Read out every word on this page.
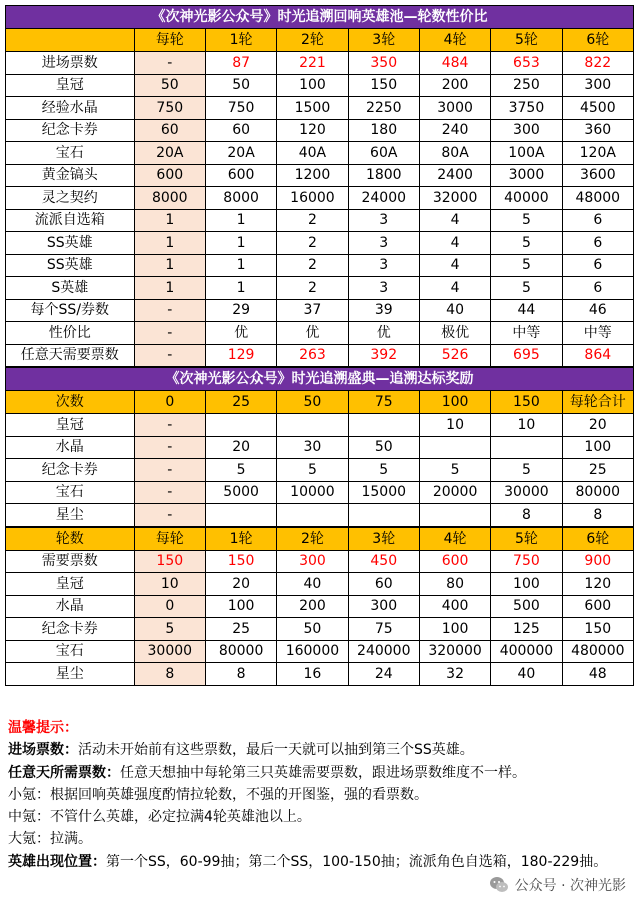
《次神光影公众号》时光追溯回响英雄池—轮数性价比							
	每轮	1轮	2轮	3轮	4轮	5轮	6轮
进场票数	-	87	221	350	484	653	822
皇冠	50	50	100	150	200	250	300
经验水晶	750	750	1500	2250	3000	3750	4500
纪念卡券	60	60	120	180	240	300	360
宝石	20A	20A	40A	60A	80A	100A	120A
黄金镐头	600	600	1200	1800	2400	3000	3600
灵之契约	8000	8000	16000	24000	32000	40000	48000
流派自选箱	1	1	2	3	4	5	6
SS英雄	1	1	2	3	4	5	6
SS英雄	1	1	2	3	4	5	6
S英雄	1	1	2	3	4	5	6
每个SS/券数	-	29	37	39	40	44	46
性价比	-	优	优	优	极优	中等	中等
任意天需要票数	-	129	263	392	526	695	864
《次神光影公众号》时光追溯盛典—追溯达标奖励							
次数	0	25	50	75	100	150	每轮合计
皇冠	-				10	10	20
水晶	-	20	30	50			100
纪念卡券	-	5	5	5	5	5	25
宝石	-	5000	10000	15000	20000	30000	80000
星尘	-					8	8
轮数	每轮	1轮	2轮	3轮	4轮	5轮	6轮
需要票数	150	150	300	450	600	750	900
皇冠	10	20	40	60	80	100	120
水晶	0	100	200	300	400	500	600
纪念卡券	5	25	50	75	100	125	150
宝石	30000	80000	160000	240000	320000	400000	480000
星尘	8	8	16	24	32	40	48

温馨提示：

进场票数：活动未开始前有这些票数，最后一天就可以抽到第三个SS英雄。

任意天所需票数：任意天想抽中每轮第三只英雄需要票数，跟进场票数维度不一样。

小氪：根据回响英雄强度酌情拉轮数，不强的开图鉴，强的看票数。

中氪：不管什么英雄，必定拉满4轮英雄池以上。

大氪：拉满。

英雄出现位置：第一个SS，60-99抽；第二个SS，100-150抽；流派角色自选箱，180-229抽。

公众号 · 次神光影
